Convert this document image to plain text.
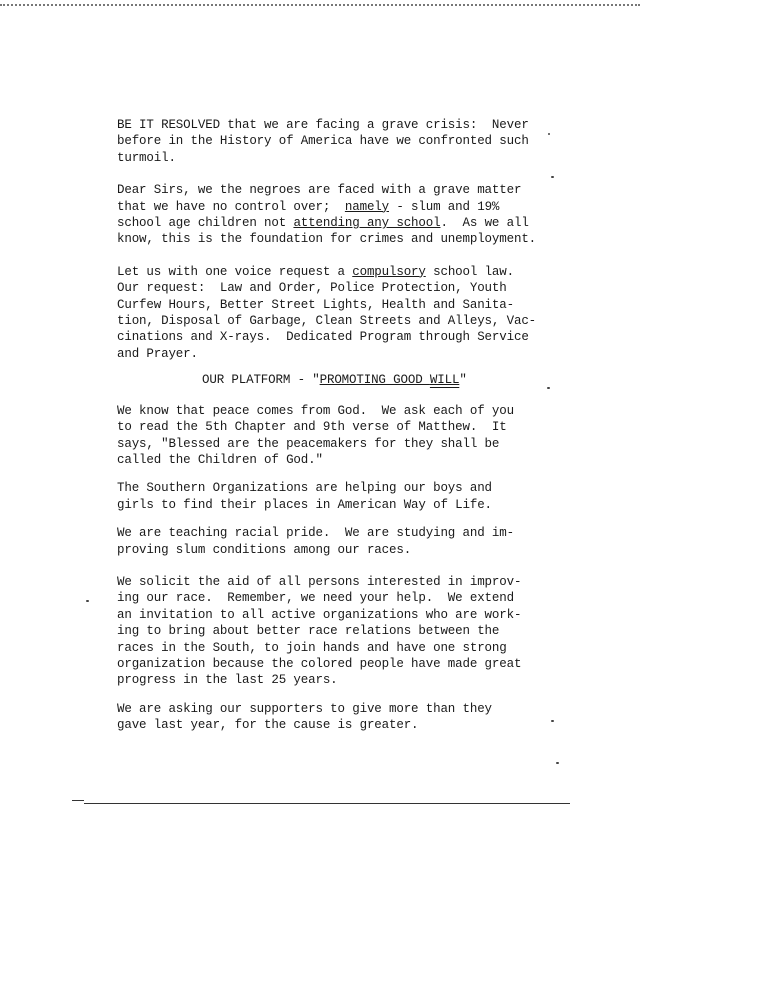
BE IT RESOLVED that we are facing a grave crisis:  Never
before in the History of America have we confronted such
turmoil.
Dear Sirs, we the negroes are faced with a grave matter
that we have no control over;  namely - slum and 19%
school age children not attending any school.  As we all
know, this is the foundation for crimes and unemployment.
Let us with one voice request a compulsory school law.
Our request:  Law and Order, Police Protection, Youth
Curfew Hours, Better Street Lights, Health and Sanita-
tion, Disposal of Garbage, Clean Streets and Alleys, Vac-
cinations and X-rays.  Dedicated Program through Service
and Prayer.
OUR PLATFORM - "PROMOTING GOOD WILL"
We know that peace comes from God.  We ask each of you
to read the 5th Chapter and 9th verse of Matthew.  It
says, "Blessed are the peacemakers for they shall be
called the Children of God."
The Southern Organizations are helping our boys and
girls to find their places in American Way of Life.
We are teaching racial pride.  We are studying and im-
proving slum conditions among our races.
We solicit the aid of all persons interested in improv-
ing our race.  Remember, we need your help.  We extend
an invitation to all active organizations who are work-
ing to bring about better race relations between the
races in the South, to join hands and have one strong
organization because the colored people have made great
progress in the last 25 years.
We are asking our supporters to give more than they
gave last year, for the cause is greater.
